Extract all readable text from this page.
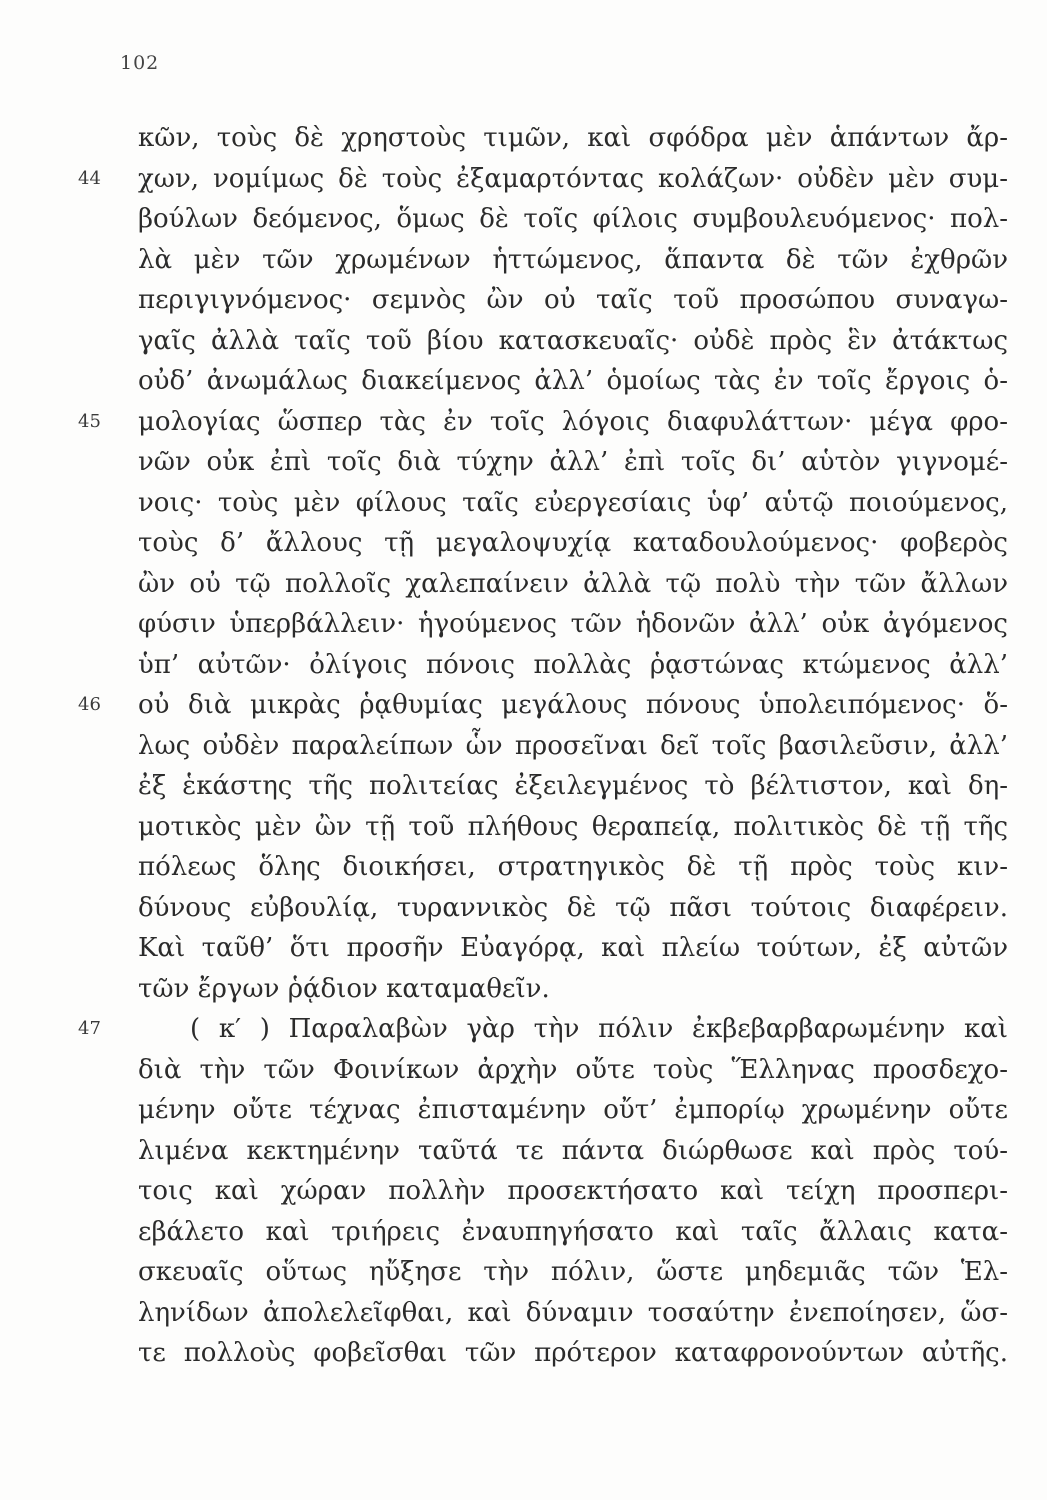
102
κῶν, τοὺς δὲ χρηστοὺς τιμῶν, καὶ σφόδρα μὲν ἁπάντων ἄρ-
44	χων, νομίμως δὲ τοὺς ἐξαμαρτόντας κολάζων· οὐδὲν μὲν συμ-
βούλων δεόμενος, ὅμως δὲ τοῖς φίλοις συμβουλευόμενος· πολ-
λὰ μὲν τῶν χρωμένων ἡττώμενος, ἅπαντα δὲ τῶν ἐχθρῶν
περιγιγνόμενος· σεμνὸς ὢν οὐ ταῖς τοῦ προσώπου συναγω-
γαῖς ἀλλὰ ταῖς τοῦ βίου κατασκευαῖς· οὐδὲ πρὸς ἓν ἀτάκτως
οὐδ’ ἀνωμάλως διακείμενος ἀλλ’ ὁμοίως τὰς ἐν τοῖς ἔργοις ὁ-
45	μολογίας ὥσπερ τὰς ἐν τοῖς λόγοις διαφυλάττων· μέγα φρο-
νῶν οὐκ ἐπὶ τοῖς διὰ τύχην ἀλλ’ ἐπὶ τοῖς δι’ αὑτὸν γιγνομέ-
νοις· τοὺς μὲν φίλους ταῖς εὐεργεσίαις ὑφ’ αὑτῷ ποιούμενος,
τοὺς δ’ ἄλλους τῇ μεγαλοψυχίᾳ καταδουλούμενος· φοβερὸς
ὢν οὐ τῷ πολλοῖς χαλεπαίνειν ἀλλὰ τῷ πολὺ τὴν τῶν ἄλλων
φύσιν ὑπερβάλλειν· ἡγούμενος τῶν ἡδονῶν ἀλλ’ οὐκ ἀγόμενος
ὑπ’ αὐτῶν· ὀλίγοις πόνοις πολλὰς ῥᾳστώνας κτώμενος ἀλλ’
46	οὐ διὰ μικρὰς ῥᾳθυμίας μεγάλους πόνους ὑπολειπόμενος· ὅ-
λως οὐδὲν παραλείπων ὧν προσεῖναι δεῖ τοῖς βασιλεῦσιν, ἀλλ’
ἐξ ἑκάστης τῆς πολιτείας ἐξειλεγμένος τὸ βέλτιστον, καὶ δη-
μοτικὸς μὲν ὢν τῇ τοῦ πλήθους θεραπείᾳ, πολιτικὸς δὲ τῇ τῆς
πόλεως ὅλης διοικήσει, στρατηγικὸς δὲ τῇ πρὸς τοὺς κιν-
δύνους εὐβουλίᾳ, τυραννικὸς δὲ τῷ πᾶσι τούτοις διαφέρειν.
Καὶ ταῦθ’ ὅτι προσῆν Εὐαγόρᾳ, καὶ πλείω τούτων, ἐξ αὐτῶν
τῶν ἔργων ῥᾴδιον καταμαθεῖν.
47	( κ′ ) Παραλαβὼν γὰρ τὴν πόλιν ἐκβεβαρβαρωμένην καὶ
διὰ τὴν τῶν Φοινίκων ἀρχὴν οὔτε τοὺς Ἕλληνας προσδεχο-
μένην οὔτε τέχνας ἐπισταμένην οὔτ’ ἐμπορίῳ χρωμένην οὔτε
λιμένα κεκτημένην ταῦτά τε πάντα διώρθωσε καὶ πρὸς τού-
τοις καὶ χώραν πολλὴν προσεκτήσατο καὶ τείχη προσπερι-
εβάλετο καὶ τριήρεις ἐναυπηγήσατο καὶ ταῖς ἄλλαις κατα-
σκευαῖς οὕτως ηὔξησε τὴν πόλιν, ὥστε μηδεμιᾶς τῶν Ἑλ-
ληνίδων ἀπολελεῖφθαι, καὶ δύναμιν τοσαύτην ἐνεποίησεν, ὥσ-
τε πολλοὺς φοβεῖσθαι τῶν πρότερον καταφρονούντων αὐτῆς.
